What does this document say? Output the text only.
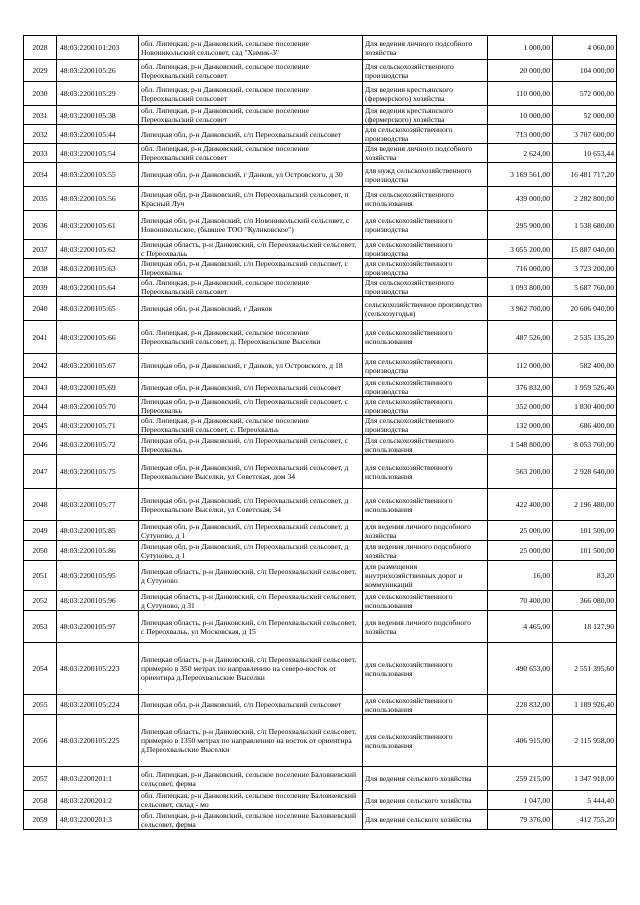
2028	48:03:2200101:203	обл. Липецкая, р-н Данковский, сельское поселение Новоникольский сельсовет, сад "Химик-3"	Для ведения личного подсобного хозяйства	1 000,00	4 060,00
2029	48:03:2200105:26	обл. Липецкая, р-н Данковский, сельское поселение Переохвальский сельсовет	Для сельскохозяйственного производства	20 000,00	104 000,00
2030	48:03:2200105:29	обл. Липецкая, р-н Данковский, сельское поселение Переохвальский сельсовет	Для ведения крестьянского (фермерского) хозяйства	110 000,00	572 000,00
2031	48:03:2200105:38	обл. Липецкая, р-н Данковский, сельское поселение Переохвальский сельсовет	Для ведения крестьянского (фермерского) хозяйства	10 000,00	52 000,00
2032	48:03:2200105:44	Липецкая обл, р-н Данковский, с/п Переохвальский сельсовет	для сельскохозяйственного производства	713 000,00	3 707 600,00
2033	48:03:2200105:54	обл. Липецкая, р-н Данковский, сельское поселение Переохвальский сельсовет	Для ведения личного подсобного хозяйства	2 624,00	10 653,44
2034	48:03:2200105:55	Липецкая обл, р-н Данковский, г Данков, ул Островского, д 30	для нужд сельскохозяйственного производства	3 169 561,00	16 481 717,20
2035	48:03:2200105:56	Липецкая обл, р-н Данковский, с/п Переохвальский сельсовет, п Красный Луч	Для сельскохозяйственного использования	439 000,00	2 282 800,00
2036	48:03:2200105:61	Липецкая обл, р-н Данковский, с/п Новоникольский сельсовет, с Новоникольское, (бывшее ТОО "Куликовское")	для сельскохозяйственного производства	295 900,00	1 538 680,00
2037	48:03:2200105:62	Липецкая область, р-н Данковский, с/п Переохвальский сельсовет, с Переохвальь	для сельскохозяйственного производства	3 055 200,00	15 887 040,00
2038	48:03:2200105:63	Липецкая обл, р-н Данковский, с/п Переохвальский сельсовет, с Переохвальь	для сельскохозяйственного производства	716 000,00	3 723 200,00
2039	48:03:2200105:64	обл. Липецкая, р-н Данковский, сельское поселение Переохвальский сельсовет	Для сельскохозяйственного производства	1 093 800,00	5 687 760,00
2040	48:03:2200105:65	Липецкая обл, р-н Данковский, г Данков	сельскохозяйственное производство (сельхозугодья)	3 962 700,00	20 606 040,00
2041	48:03:2200105:66	обл. Липецкая, р-н Данковский, сельское поселение Переохвальский сельсовет, д. Переохвальские Выселки	для сельскохозяйственного использования	487 526,00	2 535 135,20
2042	48:03:2200105:67	Липецкая обл, р-н Данковский, г Данков, ул Островского, д 18	для сельскохозяйственного производства	112 000,00	582 400,00
2043	48:03:2200105:69	Липецкая обл, р-н Данковский, с/п Переохвальский сельсовет	для сельскохозяйственного производства	376 832,00	1 959 526,40
2044	48:03:2200105:70	Липецкая обл, р-н Данковский, с/п Переохвальский сельсовет, с Переохвальь	для сельскохозяйственного производства	352 000,00	1 830 400,00
2045	48:03:2200105:71	обл. Липецкая, р-н Данковский, сельское поселение Переохвальский сельсовет, с. Переохвальь	Для сельскохозяйственного производства	132 000,00	686 400,00
2046	48:03:2200105:72	Липецкая обл, р-н Данковский, с/п Переохвальский сельсовет, с Переохвальь	Для сельскохозяйственного использования	1 548 800,00	8 053 760,00
2047	48:03:2200105:75	Липецкая обл, р-н Данковский, с/п Переохвальский сельсовет, д Переохвальские Выселки, ул Советская, дом 34	для сельскохозяйственного использования	563 200,00	2 928 640,00
2048	48:03:2200105:77	Липецкая обл, р-н Данковский, с/п Переохвальский сельсовет, д Переохвальские Выселки, ул Советская, 34	для сельскохозяйственного использования	422 400,00	2 196 480,00
2049	48:03:2200105:85	Липецкая обл, р-н Данковский, с/п Переохвальский сельсовет, д Сутуново, д 1	для ведения личного подсобного хозяйства	25 000,00	101 500,00
2050	48:03:2200105:86	Липецкая обл, р-н Данковский, с/п Переохвальский сельсовет, д Сутуново, д 1	для ведения личного подсобного хозяйства	25 000,00	101 500,00
2051	48:03:2200105:95	Липецкая область, р-н Данковский, с/п Переохвальский сельсовет, д Сутуново	для размещения внутрихозяйственных дорог и коммуникаций	16,00	83,20
2052	48:03:2200105:96	Липецкая область, р-н Данковский, с/п Переохвальский сельсовет, д Сутуново, д 31	для сельскохозяйственного использования	70 400,00	366 080,00
2053	48:03:2200105:97	Липецкая область, р-н Данковский, с/п Переохвальский сельсовет, с Переохвальь, ул Московская, д 15	для ведения личного подсобного хозяйства	4 465,00	18 127,90
2054	48:03:2200105:223	Липецкая область, р-н Данковский, с/п Переохвальский сельсовет, примерно в 350 метрах по направлению на северо-восток от ориентира д.Переохвальские Выселки	для сельскохозяйственного использования	490 653,00	2 551 395,60
2055	48:03:2200105:224	Липецкая обл, р-н Данковский, с/п Переохвальский сельсовет	для сельскохозяйственного использования	228 832,00	1 189 926,40
2056	48:03:2200105:225	Липецкая область, р-н Данковский, с/п Переохвальский сельсовет, примерно в 1350 метрах по направлению на восток от ориентира д.Переохвальские Выселки	для сельскохозяйственного использования	406 915,00	2 115 958,00
2057	48:03:2200201:1	обл. Липецкая, р-н Данковский, сельское поселение Баловневский сельсовет, ферма	Для ведения сельского хозяйства	259 215,00	1 347 918,00
2058	48:03:2200201:2	обл. Липецкая, р-н Данковский, сельское поселение Баловневский сельсовет, склад - мо	Для ведения сельского хозяйства	1 047,00	5 444,40
2059	48:03:2200201:3	обл. Липецкая, р-н Данковский, сельское поселение Баловневский сельсовет, ферма	Для ведения сельского хозяйства	79 376,00	412 755,20
